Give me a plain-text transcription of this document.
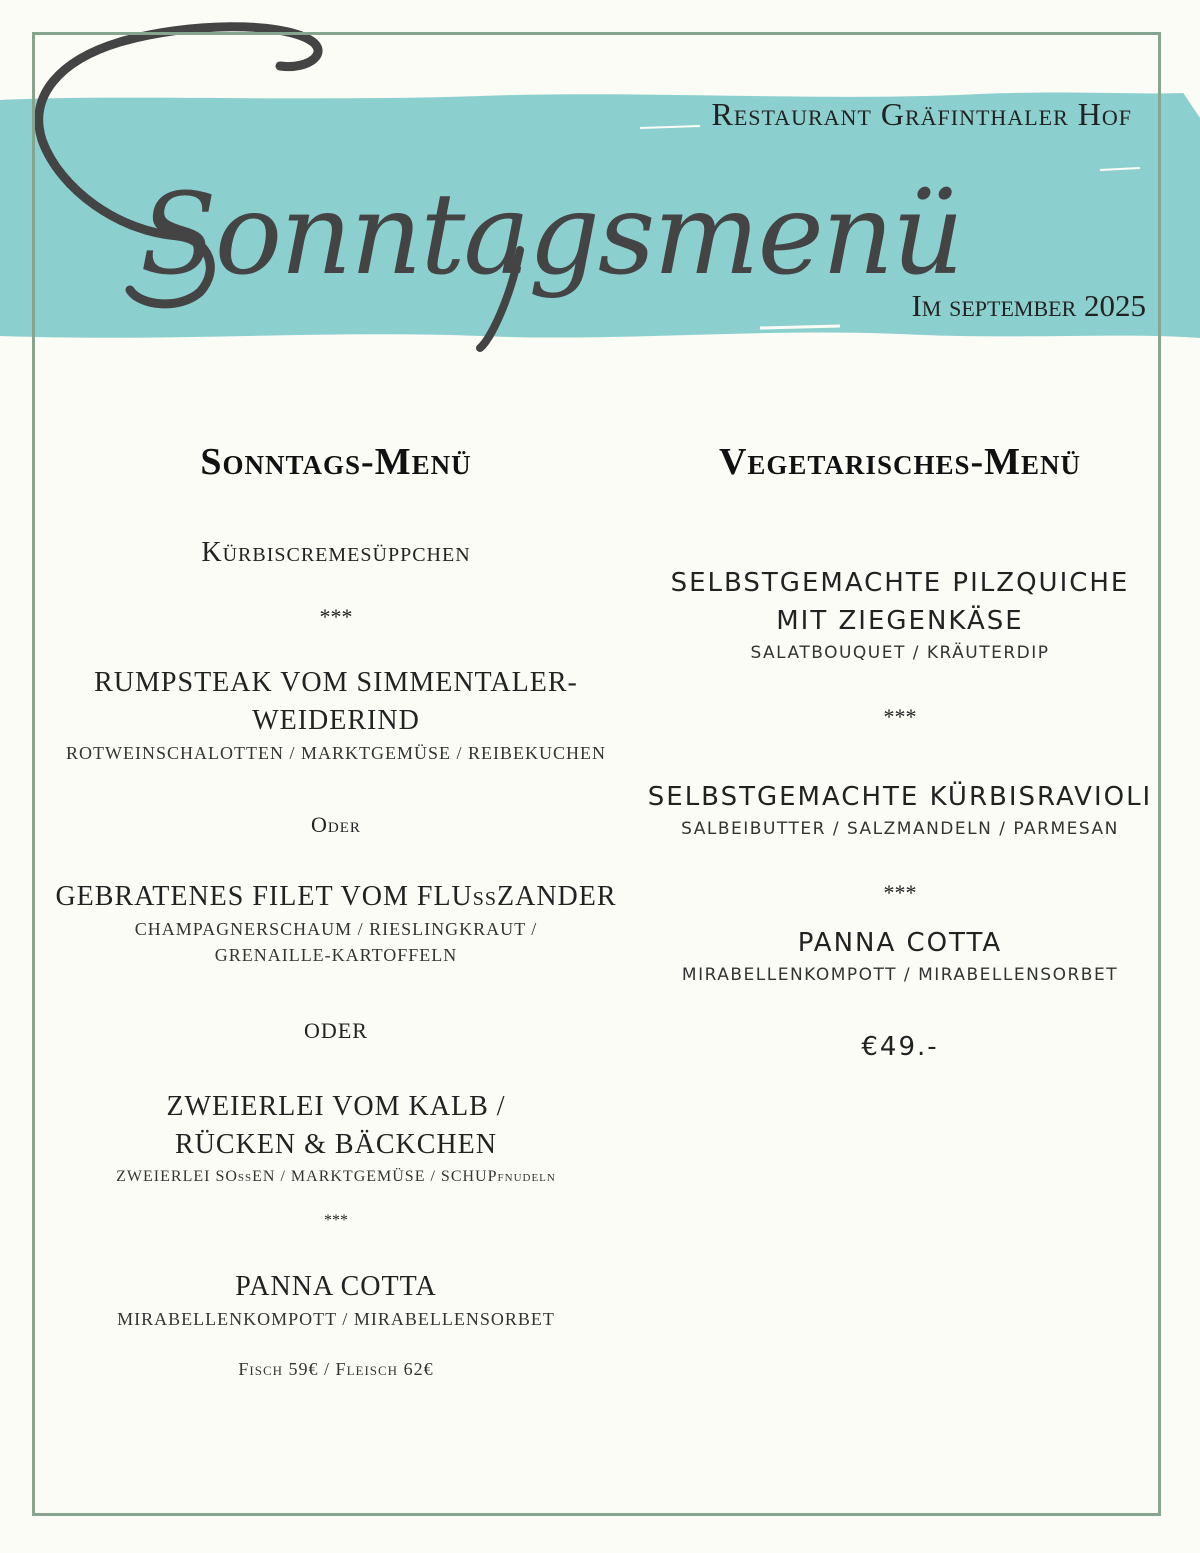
Sonntagsmenü
Restaurant Gräfinthaler Hof
Im september 2025
Sonntags-Menü
Kürbiscremesüppchen
***
RUMPSTEAK VOM SIMMENTALER-
WEIDERIND
ROTWEINSCHALOTTEN / MARKTGEMÜSE / REIBEKUCHEN
Oder
GEBRATENES FILET VOM FLUssZANDER
CHAMPAGNERSCHAUM / RIESLINGKRAUT /
GRENAILLE-KARTOFFELN
ODER
ZWEIERLEI VOM KALB /
RÜCKEN & BÄCKCHEN
ZWEIERLEI SOssEN / MARKTGEMÜSE / SCHUPfnudeln
***
PANNA COTTA
MIRABELLENKOMPOTT / MIRABELLENSORBET
Fisch 59€ / Fleisch 62€
Vegetarisches-Menü
SELBSTGEMACHTE PILZQUICHE
MIT ZIEGENKÄSE
SALATBOUQUET / KRÄUTERDIP
***
SELBSTGEMACHTE KÜRBISRAVIOLI
SALBEIBUTTER / SALZMANDELN / PARMESAN
***
PANNA COTTA
MIRABELLENKOMPOTT / MIRABELLENSORBET
€49.-
